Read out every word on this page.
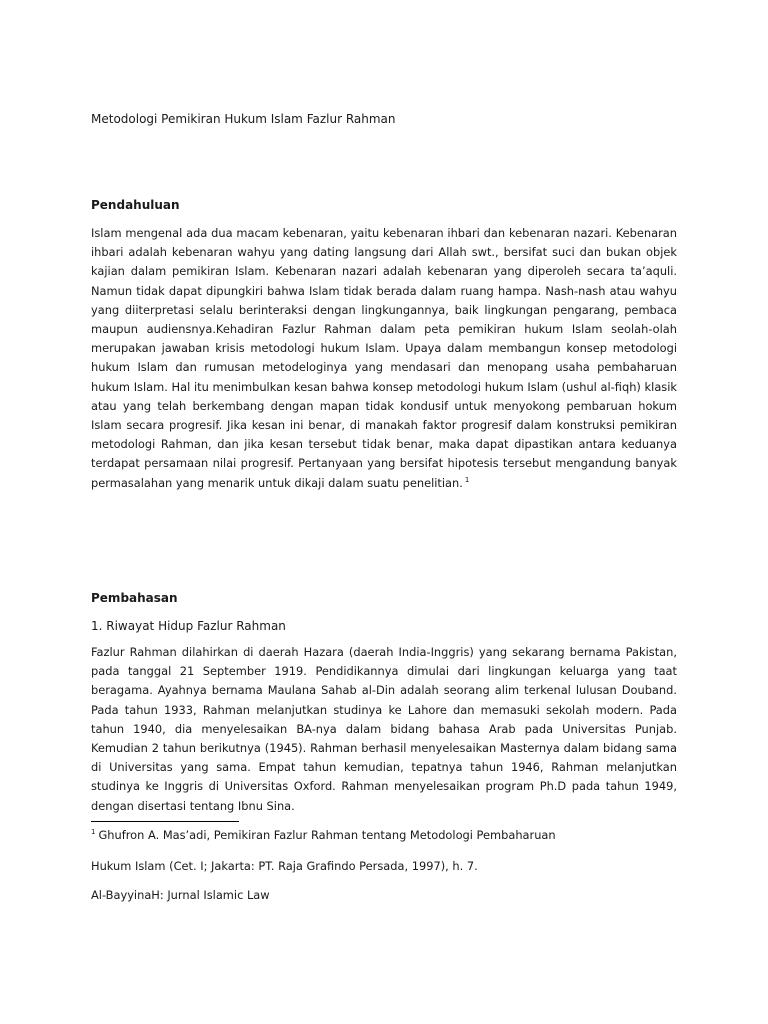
Metodologi Pemikiran Hukum Islam Fazlur Rahman

Pendahuluan

Islam mengenal ada dua macam kebenaran, yaitu kebenaran ihbari dan kebenaran nazari. Kebenaran ihbari adalah kebenaran wahyu yang dating langsung dari Allah swt., bersifat suci dan bukan objek kajian dalam pemikiran Islam. Kebenaran nazari adalah kebenaran yang diperoleh secara ta’aquli. Namun tidak dapat dipungkiri bahwa Islam tidak berada dalam ruang hampa. Nash-nash atau wahyu yang diiterpretasi selalu berinteraksi dengan lingkungannya, baik lingkungan pengarang, pembaca maupun audiensnya.Kehadiran Fazlur Rahman dalam peta pemikiran hukum Islam seolah-olah merupakan jawaban krisis metodologi hukum Islam. Upaya dalam membangun konsep metodologi hukum Islam dan rumusan metodeloginya yang mendasari dan menopang usaha pembaharuan hukum Islam. Hal itu menimbulkan kesan bahwa konsep metodologi hukum Islam (ushul al-fiqh) klasik atau yang telah berkembang dengan mapan tidak kondusif untuk menyokong pembaruan hokum Islam secara progresif. Jika kesan ini benar, di manakah faktor progresif dalam konstruksi pemikiran metodologi Rahman, dan jika kesan tersebut tidak benar, maka dapat dipastikan antara keduanya terdapat persamaan nilai progresif. Pertanyaan yang bersifat hipotesis tersebut mengandung banyak permasalahan yang menarik untuk dikaji dalam suatu penelitian. $^1$

Pembahasan

1. Riwayat Hidup Fazlur Rahman

Fazlur Rahman dilahirkan di daerah Hazara (daerah India-Inggris) yang sekarang bernama Pakistan, pada tanggal 21 September 1919. Pendidikannya dimulai dari lingkungan keluarga yang taat beragama. Ayahnya bernama Maulana Sahab al-Din adalah seorang alim terkenal lulusan Douband. Pada tahun 1933, Rahman melanjutkan studinya ke Lahore dan memasuki sekolah modern. Pada tahun 1940, dia menyelesaikan BA-nya dalam bidang bahasa Arab pada Universitas Punjab. Kemudian 2 tahun berikutnya (1945). Rahman berhasil menyelesaikan Masternya dalam bidang sama di Universitas yang sama. Empat tahun kemudian, tepatnya tahun 1946, Rahman melanjutkan studinya ke Inggris di Universitas Oxford. Rahman menyelesaikan program Ph.D pada tahun 1949, dengan disertasi tentang Ibnu Sina.

$^1$ Ghufron A. Mas’adi, Pemikiran Fazlur Rahman tentang Metodologi Pembaharuan

Hukum Islam (Cet. I; Jakarta: PT. Raja Grafindo Persada, 1997), h. 7.

Al-BayyinaH: Jurnal Islamic Law
